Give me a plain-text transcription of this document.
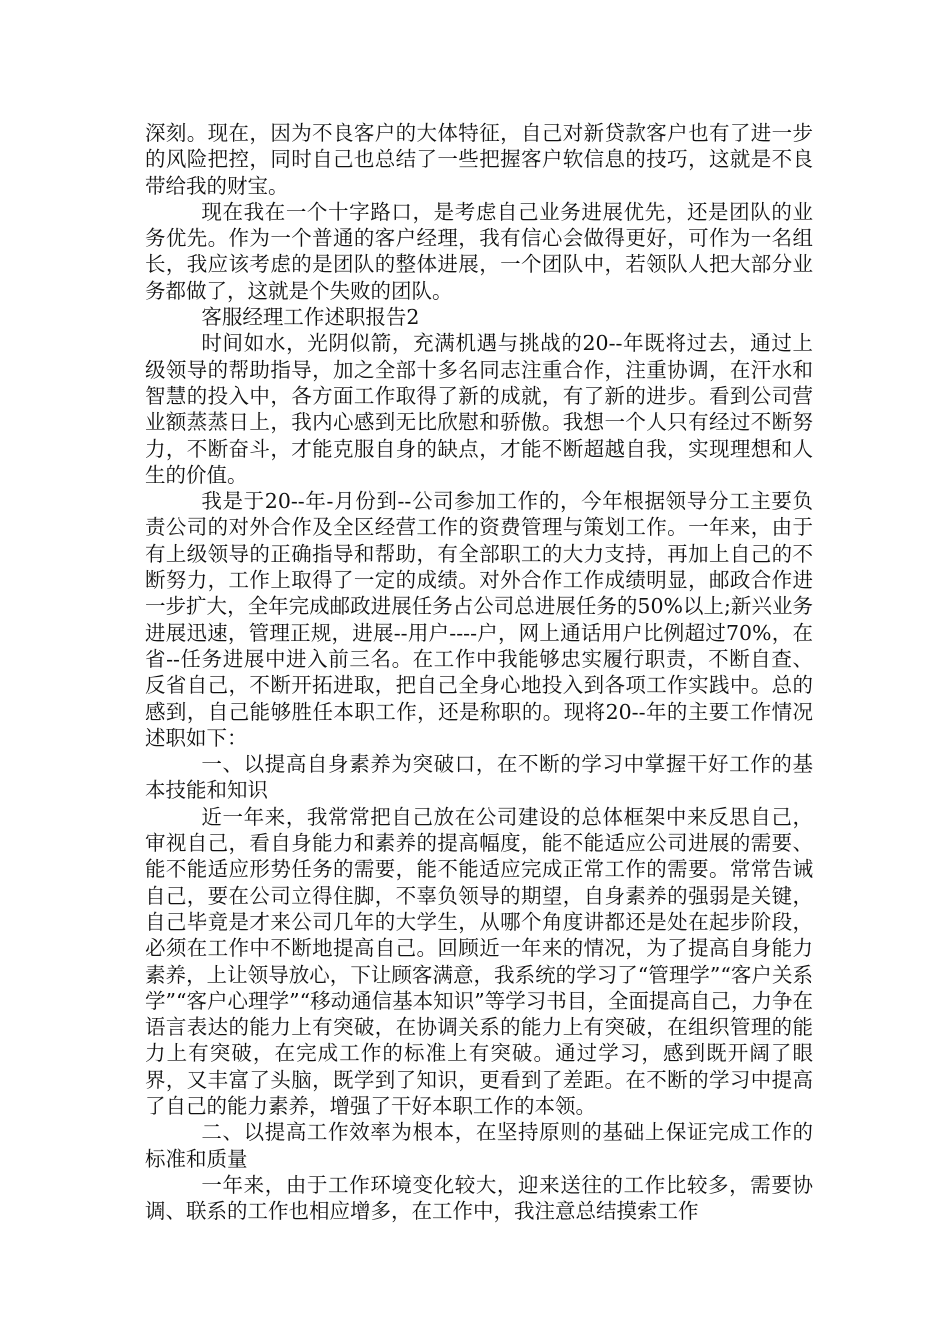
深刻。现在，因为不良客户的大体特征，自己对新贷款客户也有了进一步的风险把控，同时自己也总结了一些把握客户软信息的技巧，这就是不良带给我的财宝。

现在我在一个十字路口，是考虑自己业务进展优先，还是团队的业务优先。作为一个普通的客户经理，我有信心会做得更好，可作为一名组长，我应该考虑的是团队的整体进展，一个团队中，若领队人把大部分业务都做了，这就是个失败的团队。

客服经理工作述职报告2

时间如水，光阴似箭，充满机遇与挑战的20--年既将过去，通过上级领导的帮助指导，加之全部十多名同志注重合作，注重协调，在汗水和智慧的投入中，各方面工作取得了新的成就，有了新的进步。看到公司营业额蒸蒸日上，我内心感到无比欣慰和骄傲。我想一个人只有经过不断努力，不断奋斗，才能克服自身的缺点，才能不断超越自我，实现理想和人生的价值。

我是于20--年-月份到--公司参加工作的，今年根据领导分工主要负责公司的对外合作及全区经营工作的资费管理与策划工作。一年来，由于有上级领导的正确指导和帮助，有全部职工的大力支持，再加上自己的不断努力，工作上取得了一定的成绩。对外合作工作成绩明显，邮政合作进一步扩大，全年完成邮政进展任务占公司总进展任务的50%以上;新兴业务进展迅速，管理正规，进展--用户----户，网上通话用户比例超过70%，在省--任务进展中进入前三名。在工作中我能够忠实履行职责，不断自查、反省自己，不断开拓进取，把自己全身心地投入到各项工作实践中。总的感到，自己能够胜任本职工作，还是称职的。现将20--年的主要工作情况述职如下：

一、以提高自身素养为突破口，在不断的学习中掌握干好工作的基本技能和知识

近一年来，我常常把自己放在公司建设的总体框架中来反思自己，审视自己，看自身能力和素养的提高幅度，能不能适应公司进展的需要、能不能适应形势任务的需要，能不能适应完成正常工作的需要。常常告诫自己，要在公司立得住脚，不辜负领导的期望，自身素养的强弱是关键，自己毕竟是才来公司几年的大学生，从哪个角度讲都还是处在起步阶段，必须在工作中不断地提高自己。回顾近一年来的情况，为了提高自身能力素养，上让领导放心，下让顾客满意，我系统的学习了“管理学”“客户关系学”“客户心理学”“移动通信基本知识”等学习书目，全面提高自己，力争在语言表达的能力上有突破，在协调关系的能力上有突破，在组织管理的能力上有突破，在完成工作的标准上有突破。通过学习，感到既开阔了眼界，又丰富了头脑，既学到了知识，更看到了差距。在不断的学习中提高了自己的能力素养，增强了干好本职工作的本领。

二、以提高工作效率为根本，在坚持原则的基础上保证完成工作的标准和质量

一年来，由于工作环境变化较大，迎来送往的工作比较多，需要协调、联系的工作也相应增多，在工作中，我注意总结摸索工作
